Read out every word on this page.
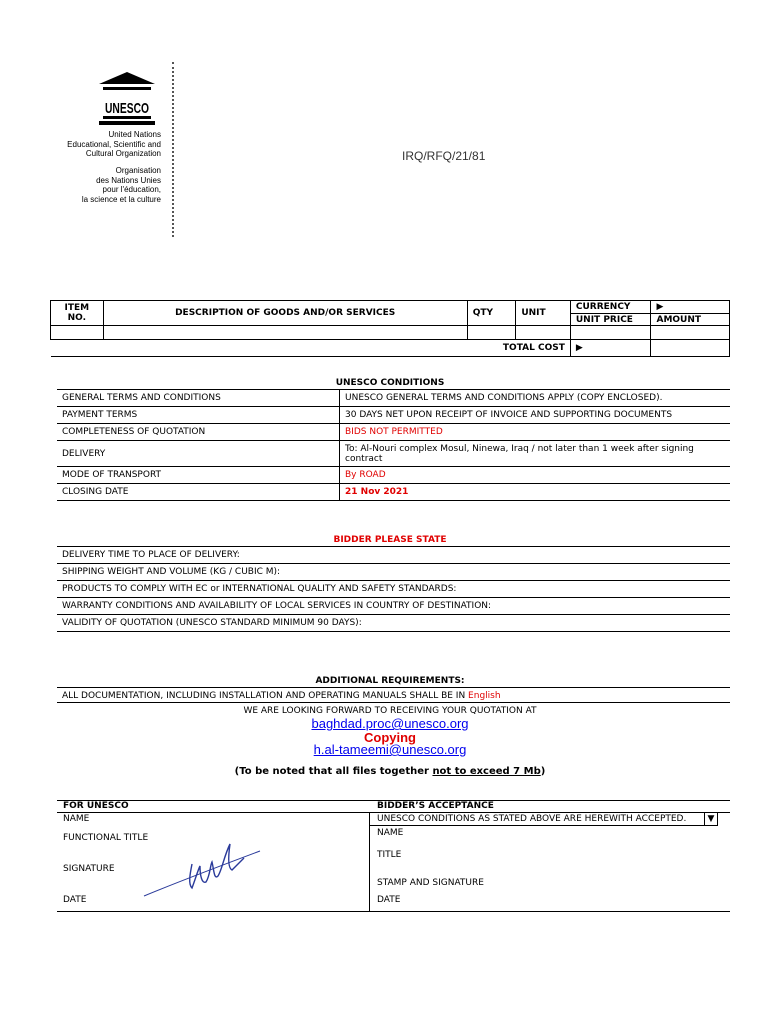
UNESCO
United Nations
Educational, Scientific and
Cultural Organization
Organisation
des Nations Unies
pour l'éducation,
la science et la culture
IRQ/RFQ/21/81
ITEM
NO.	DESCRIPTION OF GOODS AND/OR SERVICES	QTY	UNIT	CURRENCY	▶
				UNIT PRICE	AMOUNT

TOTAL COST				▶	
UNESCO CONDITIONS
GENERAL TERMS AND CONDITIONS	UNESCO GENERAL TERMS AND CONDITIONS APPLY (COPY ENCLOSED).
PAYMENT TERMS	30 DAYS NET UPON RECEIPT OF INVOICE AND SUPPORTING DOCUMENTS
COMPLETENESS OF QUOTATION	BIDS NOT PERMITTED
DELIVERY	To: Al-Nouri complex Mosul, Ninewa, Iraq / not later than 1 week after signing contract
MODE OF TRANSPORT	By ROAD
CLOSING DATE	21 Nov 2021
BIDDER PLEASE STATE
DELIVERY TIME TO PLACE OF DELIVERY:
SHIPPING WEIGHT AND VOLUME (KG / CUBIC M):
PRODUCTS TO COMPLY WITH EC or INTERNATIONAL QUALITY AND SAFETY STANDARDS:
WARRANTY CONDITIONS AND AVAILABILITY OF LOCAL SERVICES IN COUNTRY OF DESTINATION:
VALIDITY OF QUOTATION (UNESCO STANDARD MINIMUM 90 DAYS):
ADDITIONAL REQUIREMENTS:
ALL DOCUMENTATION, INCLUDING INSTALLATION AND OPERATING MANUALS SHALL BE IN English
WE ARE LOOKING FORWARD TO RECEIVING YOUR QUOTATION AT
baghdad.proc@unesco.org
Copying
h.al-tameemi@unesco.org
(To be noted that all files together not to exceed 7 Mb)
FOR UNESCO	BIDDER’S ACCEPTANCE
NAME
FUNCTIONAL TITLE
SIGNATURE
DATE
UNESCO CONDITIONS AS STATED ABOVE ARE HEREWITH ACCEPTED.	▼
NAME
TITLE
STAMP AND SIGNATURE
DATE
